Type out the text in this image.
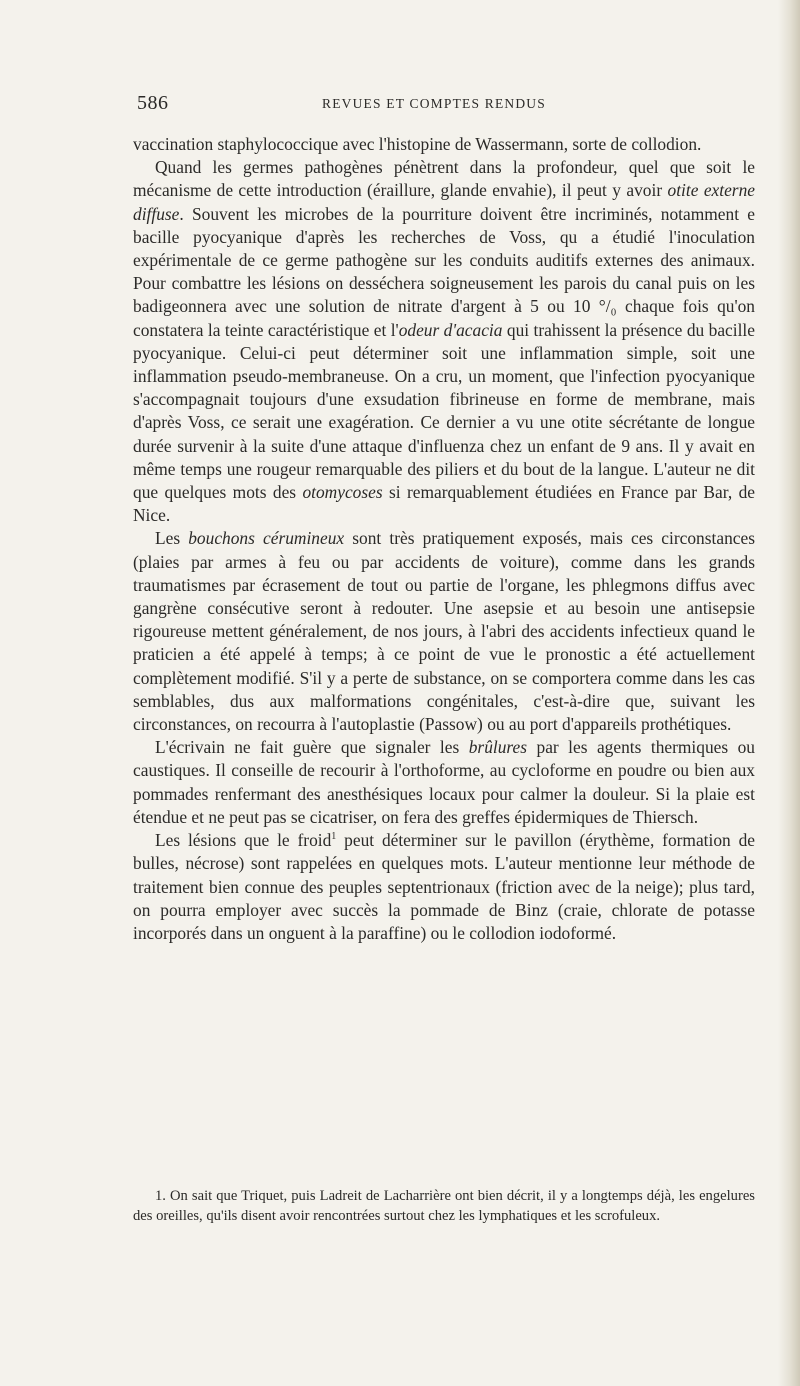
586	REVUES ET COMPTES RENDUS

vaccination staphylococcique avec l'histopine de Wassermann, sorte de collodion.

Quand les germes pathogènes pénètrent dans la profondeur, quel que soit le mécanisme de cette introduction (éraillure, glande envahie), il peut y avoir otite externe diffuse. Souvent les microbes de la pourriture doivent être incriminés, notamment e bacille pyocyanique d'après les recherches de Voss, qu a étudié l'inoculation expérimentale de ce germe pathogène sur les conduits auditifs externes des animaux. Pour combattre les lésions on desséchera soigneusement les parois du canal puis on les badigeonnera avec une solution de nitrate d'argent à 5 ou 10 °/₀ chaque fois qu'on constatera la teinte caractéristique et l'odeur d'acacia qui trahissent la présence du bacille pyocyanique. Celui-ci peut déterminer soit une inflammation simple, soit une inflammation pseudo-membraneuse. On a cru, un moment, que l'infection pyocyanique s'accompagnait toujours d'une exsudation fibrineuse en forme de membrane, mais d'après Voss, ce serait une exagération. Ce dernier a vu une otite sécrétante de longue durée survenir à la suite d'une attaque d'influenza chez un enfant de 9 ans. Il y avait en même temps une rougeur remarquable des piliers et du bout de la langue. L'auteur ne dit que quelques mots des otomycoses si remarquablement étudiées en France par Bar, de Nice.

Les bouchons cérumineux sont très pratiquement exposés, mais ces circonstances (plaies par armes à feu ou par accidents de voiture), comme dans les grands traumatismes par écrasement de tout ou partie de l'organe, les phlegmons diffus avec gangrène consécutive seront à redouter. Une asepsie et au besoin une antisepsie rigoureuse mettent généralement, de nos jours, à l'abri des accidents infectieux quand le praticien a été appelé à temps; à ce point de vue le pronostic a été actuellement complètement modifié. S'il y a perte de substance, on se comportera comme dans les cas semblables, dus aux malformations congénitales, c'est-à-dire que, suivant les circonstances, on recourra à l'autoplastie (Passow) ou au port d'appareils prothétiques.

L'écrivain ne fait guère que signaler les brûlures par les agents thermiques ou caustiques. Il conseille de recourir à l'orthoforme, au cycloforme en poudre ou bien aux pommades renfermant des anesthésiques locaux pour calmer la douleur. Si la plaie est étendue et ne peut pas se cicatriser, on fera des greffes épidermiques de Thiersch.

Les lésions que le froid$^1$ peut déterminer sur le pavillon (érythème, formation de bulles, nécrose) sont rappelées en quelques mots. L'auteur mentionne leur méthode de traitement bien connue des peuples septentrionaux (friction avec de la neige); plus tard, on pourra employer avec succès la pommade de Binz (craie, chlorate de potasse incorporés dans un onguent à la paraffine) ou le collodion iodoformé.

1. On sait que Triquet, puis Ladreit de Lacharrière ont bien décrit, il y a longtemps déjà, les engelures des oreilles, qu'ils disent avoir rencontrées surtout chez les lymphatiques et les scrofuleux.
